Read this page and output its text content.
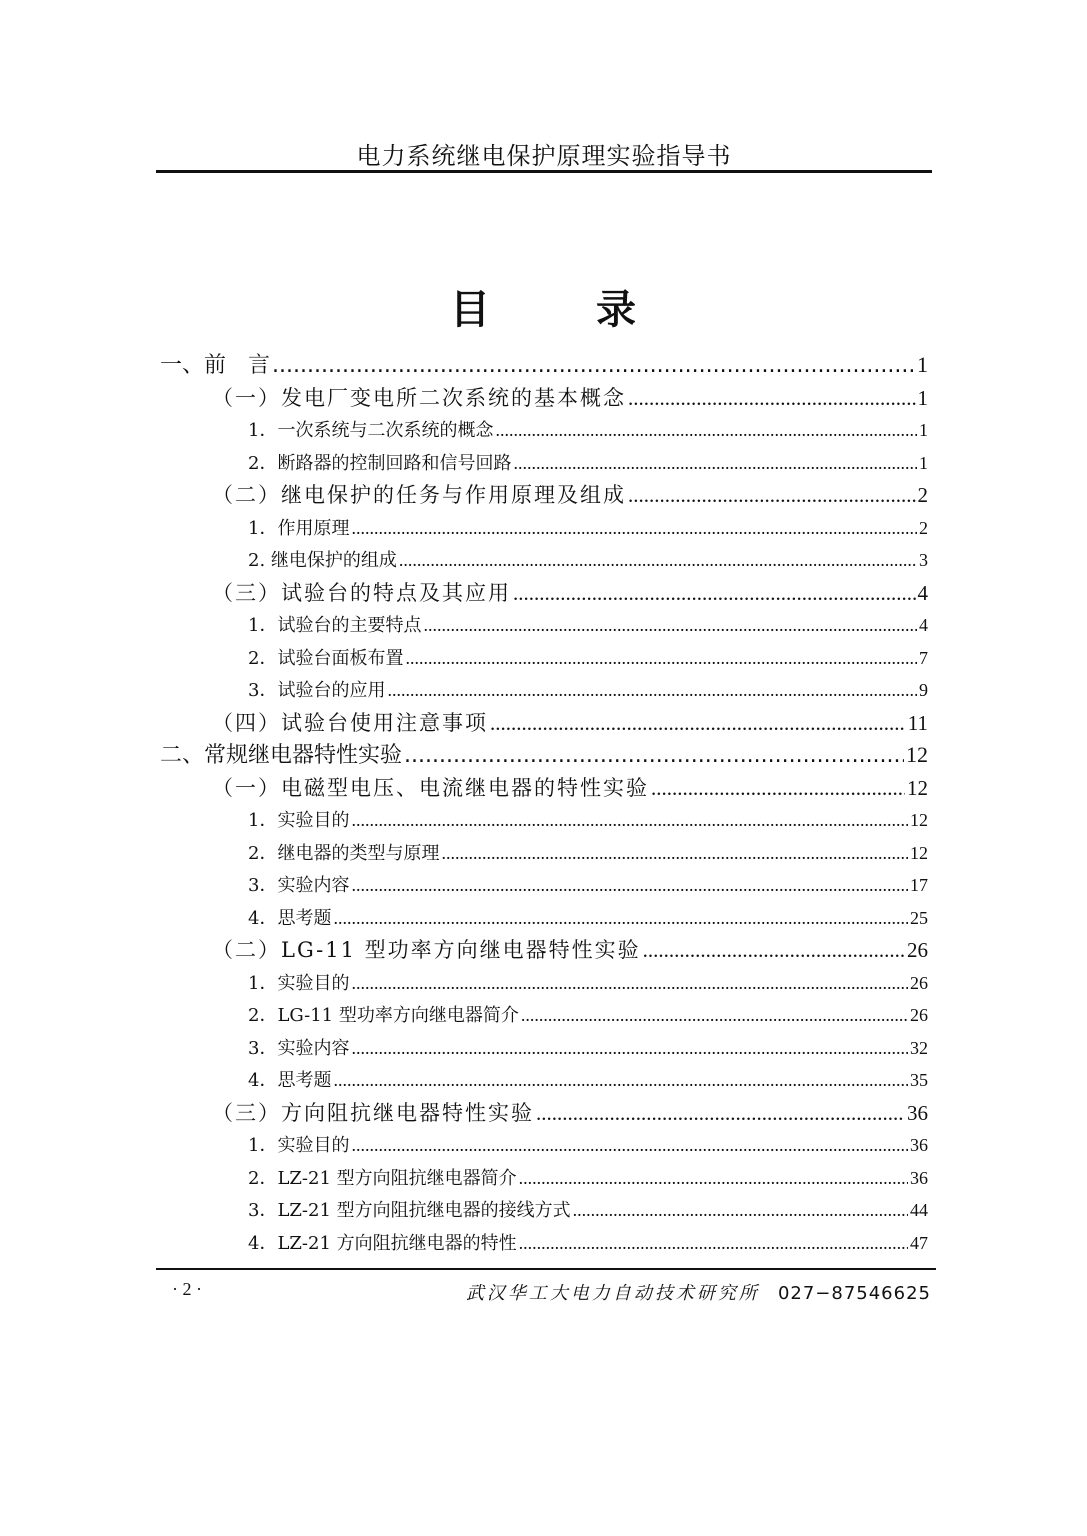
电力系统继电保护原理实验指导书
目	录
一、前　言 .....	1
（一）发电厂变电所二次系统的基本概念 .....	1
1．一次系统与二次系统的概念 .....	1
2．断路器的控制回路和信号回路 .....	1
（二）继电保护的任务与作用原理及组成 .....	2
1．作用原理 .....	2
2. 继电保护的组成 .....	3
（三）试验台的特点及其应用 .....	4
1．试验台的主要特点 .....	4
2．试验台面板布置 .....	7
3．试验台的应用 .....	9
（四）试验台使用注意事项 .....	11
二、常规继电器特性实验 .....	12
（一）电磁型电压、电流继电器的特性实验 .....	12
1．实验目的 .....	12
2．继电器的类型与原理 .....	12
3．实验内容 .....	17
4．思考题 .....	25
（二）LG-11 型功率方向继电器特性实验 .....	26
1．实验目的 .....	26
2．LG-11 型功率方向继电器简介 .....	26
3．实验内容 .....	32
4．思考题 .....	35
（三）方向阻抗继电器特性实验 .....	36
1．实验目的 .....	36
2．LZ-21 型方向阻抗继电器简介 .....	36
3．LZ-21 型方向阻抗继电器的接线方式 .....	44
4．LZ-21 方向阻抗继电器的特性 .....	47
· 2 ·	武汉华工大电力自动技术研究所 027−87546625
